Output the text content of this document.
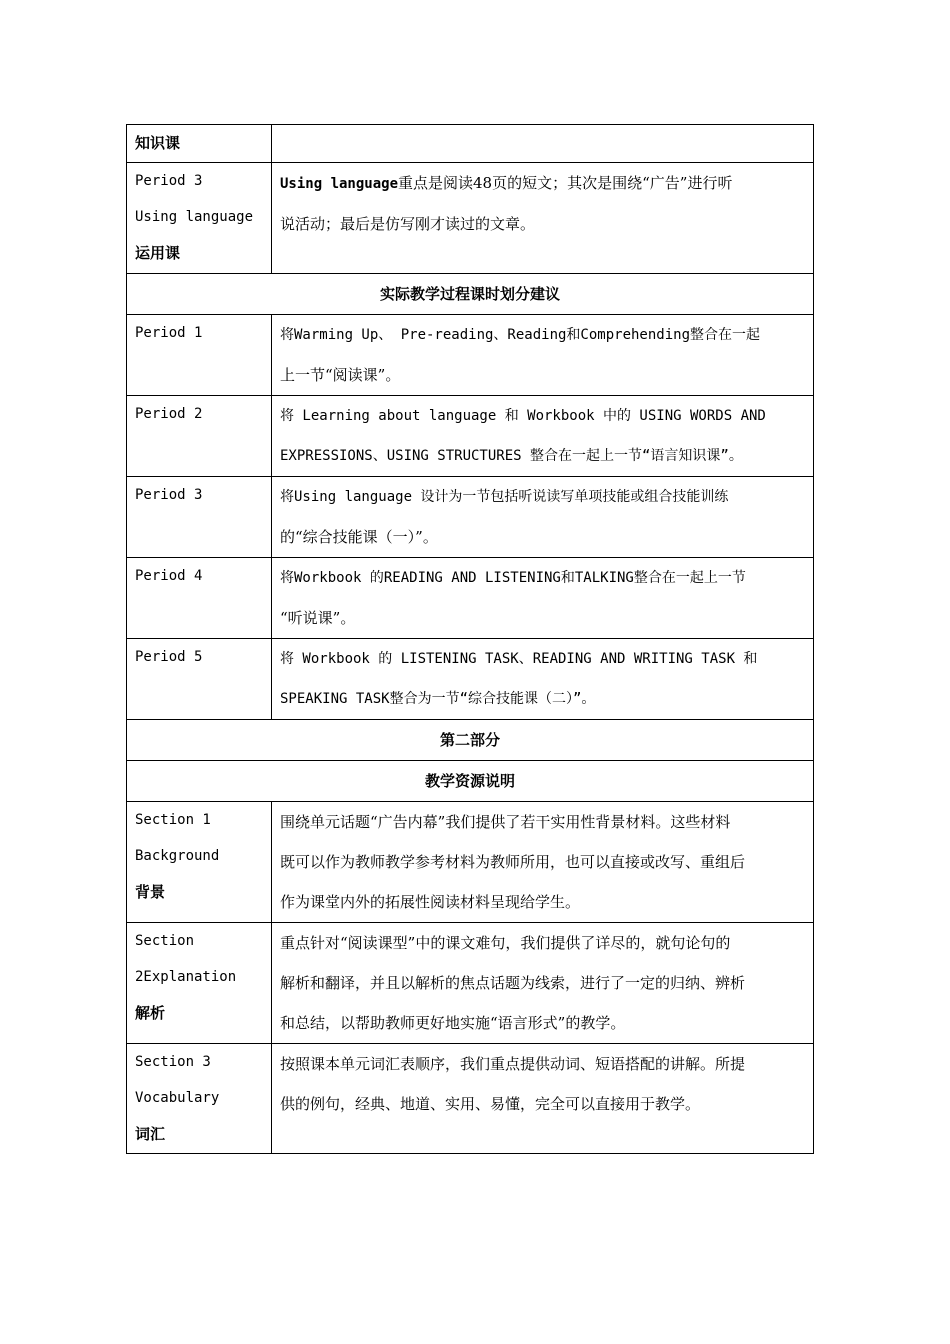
知识课	

Period 3
Using language
运用课	Using language重点是阅读48页的短文；其次是围绕“广告”进行听
说活动；最后是仿写刚才读过的文章。

实际教学过程课时划分建议	

Period 1	将Warming Up、 Pre-reading、Reading和Comprehending整合在一起
上一节“阅读课”。

Period 2	将 Learning about language 和 Workbook 中的 USING WORDS AND
EXPRESSIONS、USING STRUCTURES 整合在一起上一节“语言知识课”。

Period 3	将Using language 设计为一节包括听说读写单项技能或组合技能训练
的“综合技能课（一）”。

Period 4	将Workbook 的READING AND LISTENING和TALKING整合在一起上一节
“听说课”。

Period 5	将 Workbook 的 LISTENING TASK、READING AND WRITING TASK 和
SPEAKING TASK整合为一节“综合技能课（二）”。

第二部分	
教学资源说明	

Section 1
Background
背景	围绕单元话题“广告内幕”我们提供了若干实用性背景材料。这些材料
既可以作为教师教学参考材料为教师所用，也可以直接或改写、重组后
作为课堂内外的拓展性阅读材料呈现给学生。

Section
2Explanation
解析	重点针对“阅读课型”中的课文难句，我们提供了详尽的，就句论句的
解析和翻译，并且以解析的焦点话题为线索，进行了一定的归纳、辨析
和总结，以帮助教师更好地实施“语言形式”的教学。

Section 3
Vocabulary
词汇	按照课本单元词汇表顺序，我们重点提供动词、短语搭配的讲解。所提
供的例句，经典、地道、实用、易懂，完全可以直接用于教学。
